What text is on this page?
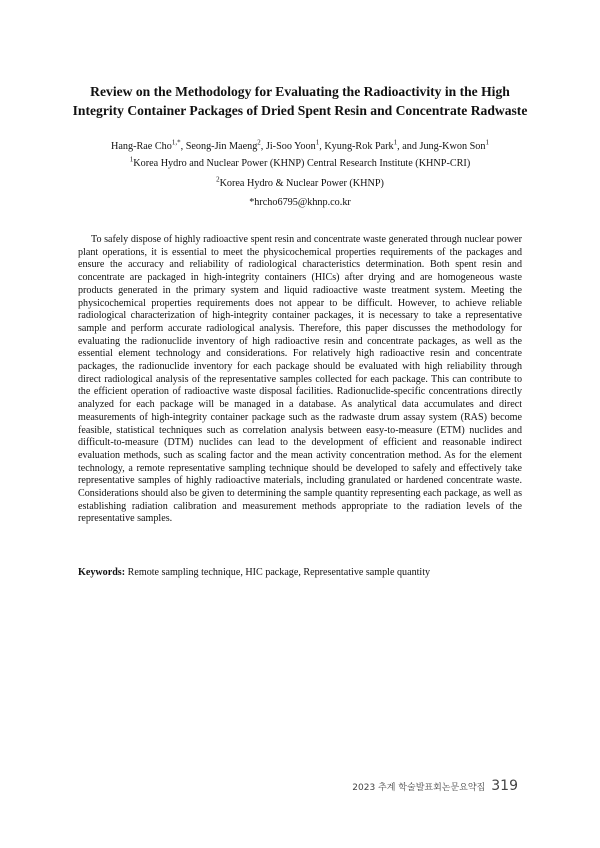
Review on the Methodology for Evaluating the Radioactivity in the High Integrity Container Packages of Dried Spent Resin and Concentrate Radwaste
Hang-Rae Cho$^{1,*}$, Seong-Jin Maeng$^2$, Ji-Soo Yoon$^1$, Kyung-Rok Park$^1$, and Jung-Kwon Son$^1$
$^1$Korea Hydro and Nuclear Power (KHNP) Central Research Institute (KHNP-CRI)
$^2$Korea Hydro & Nuclear Power (KHNP)
*hrcho6795@khnp.co.kr

To safely dispose of highly radioactive spent resin and concentrate waste generated through nuclear power plant operations, it is essential to meet the physicochemical properties requirements of the packages and ensure the accuracy and reliability of radiological characteristics determination. Both spent resin and concentrate are packaged in high-integrity containers (HICs) after drying and are homogeneous waste products generated in the primary system and liquid radioactive waste treatment system. Meeting the physicochemical properties requirements does not appear to be difficult. However, to achieve reliable radiological characterization of high-integrity container packages, it is necessary to take a representative sample and perform accurate radiological analysis. Therefore, this paper discusses the methodology for evaluating the radionuclide inventory of high radioactive resin and concentrate packages, as well as the essential element technology and considerations. For relatively high radioactive resin and concentrate packages, the radionuclide inventory for each package should be evaluated with high reliability through direct radiological analysis of the representative samples collected for each package. This can contribute to the efficient operation of radioactive waste disposal facilities. Radionuclide-specific concentrations directly analyzed for each package will be managed in a database. As analytical data accumulates and direct measurements of high-integrity container package such as the radwaste drum assay system (RAS) become feasible, statistical techniques such as correlation analysis between easy-to-measure (ETM) nuclides and difficult-to-measure (DTM) nuclides can lead to the development of efficient and reasonable indirect evaluation methods, such as scaling factor and the mean activity concentration method. As for the element technology, a remote representative sampling technique should be developed to safely and effectively take representative samples of highly radioactive materials, including granulated or hardened concentrate waste. Considerations should also be given to determining the sample quantity representing each package, as well as establishing radiation calibration and measurement methods appropriate to the radiation levels of the representative samples.

Keywords: Remote sampling technique, HIC package, Representative sample quantity
2023 추계 학술발표회논문요약집 319
